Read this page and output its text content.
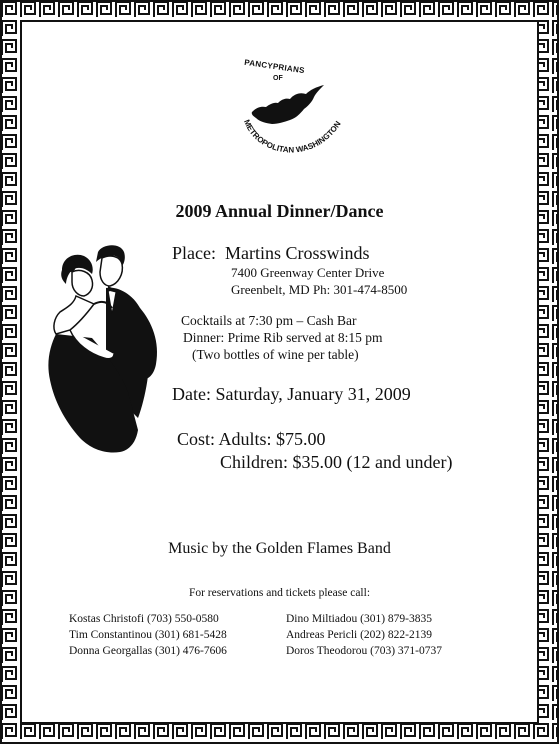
PANCYPRIANS
OF
METROPOLITAN WASHINGTON
2009 Annual Dinner/Dance
Place: Martins Crosswinds
7400 Greenway Center Drive
Greenbelt, MD Ph: 301-474-8500
Cocktails at 7:30 pm – Cash Bar
Dinner: Prime Rib served at 8:15 pm
(Two bottles of wine per table)
Date: Saturday, January 31, 2009
Cost: Adults: $75.00
Children: $35.00 (12 and under)
Music by the Golden Flames Band
For reservations and tickets please call:
Kostas Christofi (703) 550-0580
Tim Constantinou (301) 681-5428
Donna Georgallas (301) 476-7606
Dino Miltiadou (301) 879-3835
Andreas Pericli (202) 822-2139
Doros Theodorou (703) 371-0737
